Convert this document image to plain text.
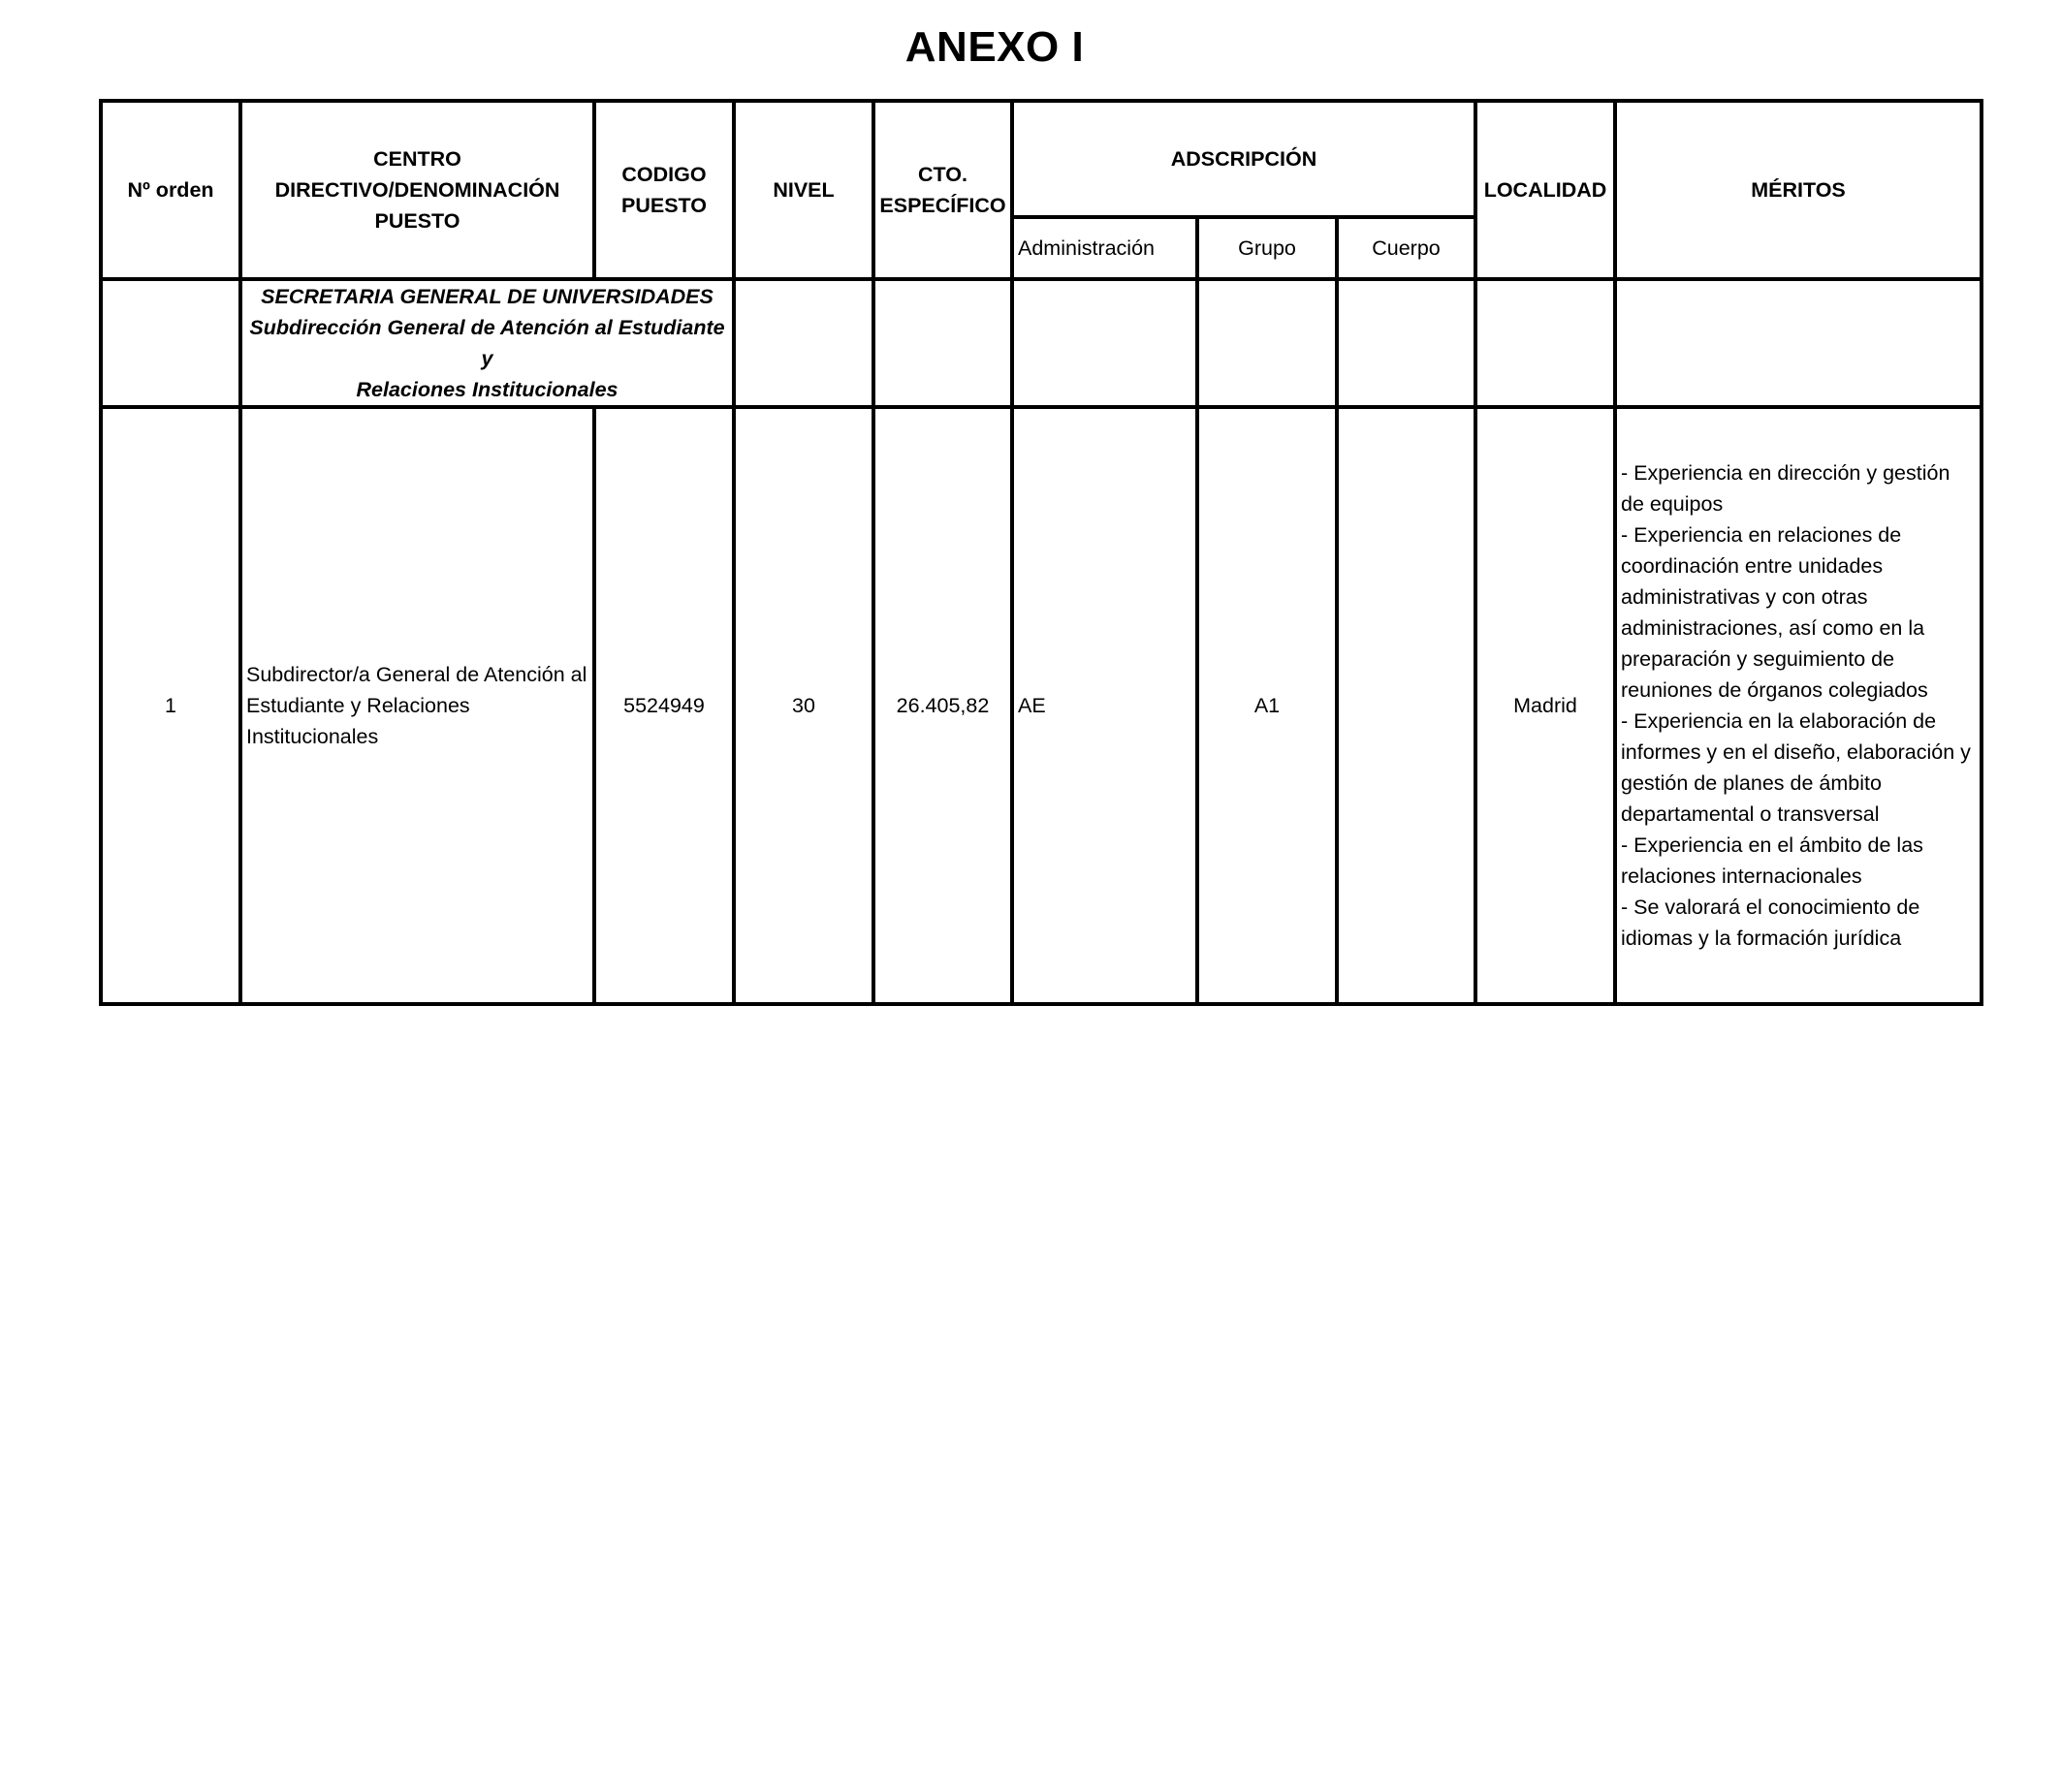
ANEXO I
Nº orden	CENTRO DIRECTIVO/DENOMINACIÓN PUESTO	CODIGO PUESTO	NIVEL	CTO. ESPECÍFICO	ADSCRIPCIÓN			LOCALIDAD	MÉRITOS
					Administración	Grupo	Cuerpo		

	SECRETARIA GENERAL DE UNIVERSIDADES
Subdirección General de Atención al Estudiante y
Relaciones Institucionales								

1	Subdirector/a General de Atención al Estudiante y Relaciones Institucionales	5524949	30	26.405,82	AE	A1		Madrid	- Experiencia en dirección y gestión de equipos
- Experiencia en relaciones de coordinación entre unidades administrativas y con otras administraciones, así como en la preparación y seguimiento de reuniones de órganos colegiados
- Experiencia en la elaboración de informes y en el diseño, elaboración y gestión de planes de ámbito departamental o transversal
- Experiencia en el ámbito de las relaciones internacionales
- Se valorará el conocimiento de idiomas y la formación jurídica
